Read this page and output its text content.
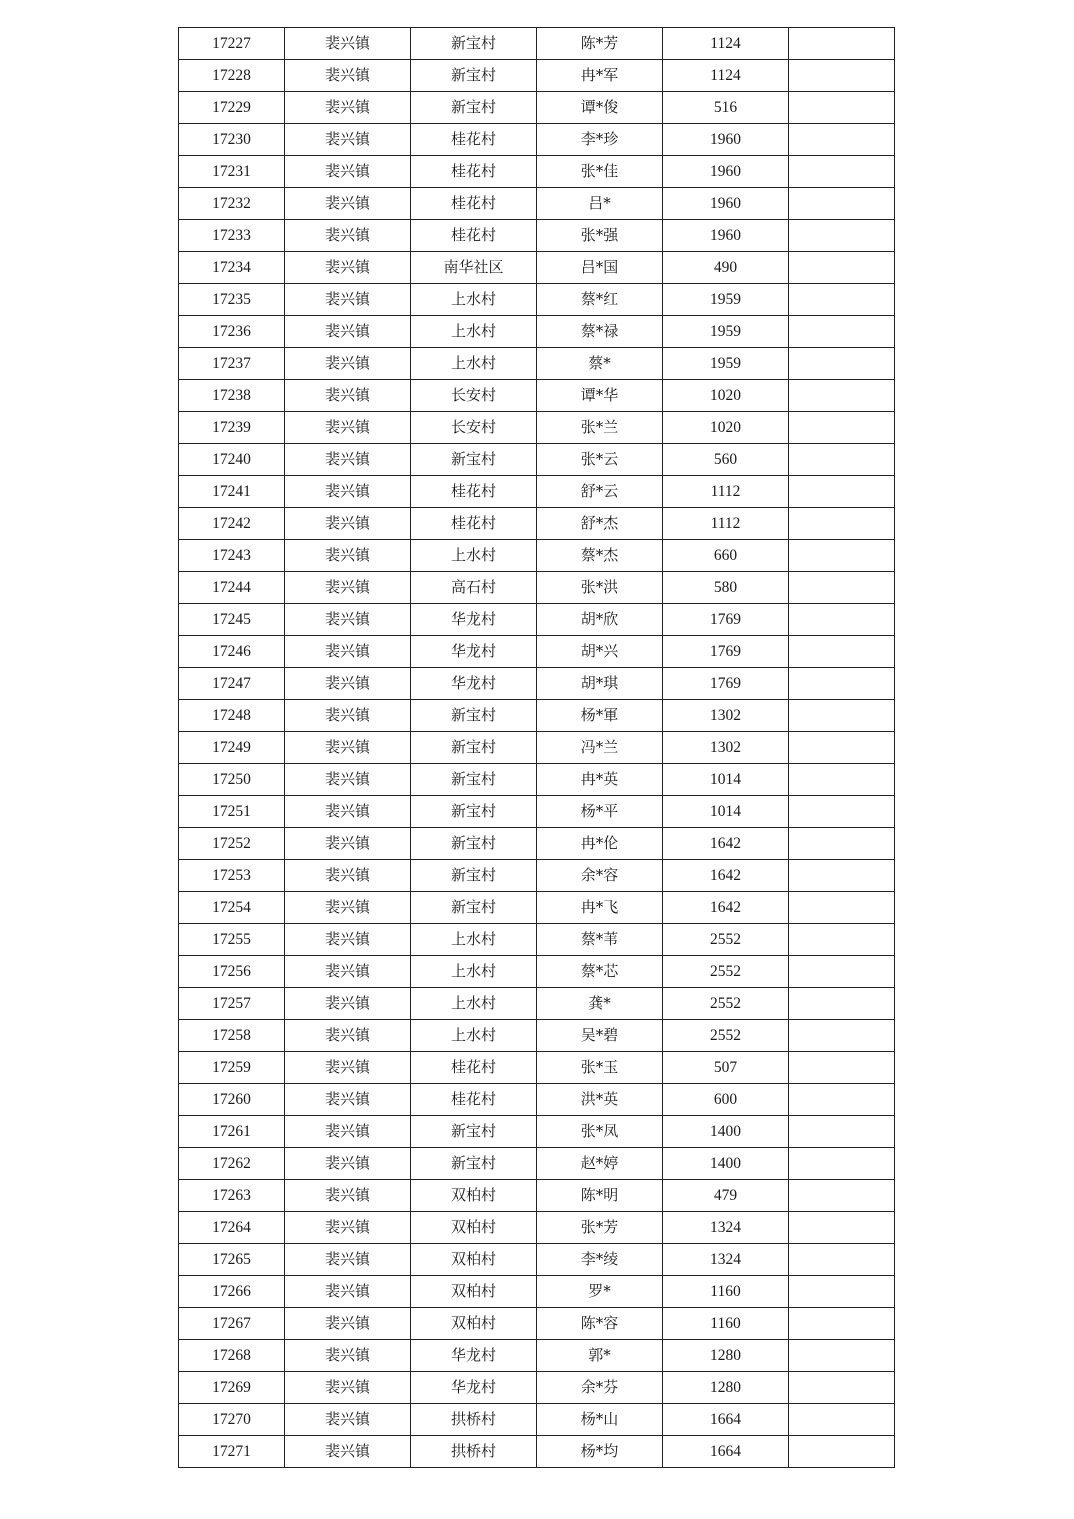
17227	裴兴镇	新宝村	陈*芳	1124	
17228	裴兴镇	新宝村	冉*军	1124	
17229	裴兴镇	新宝村	谭*俊	516	
17230	裴兴镇	桂花村	李*珍	1960	
17231	裴兴镇	桂花村	张*佳	1960	
17232	裴兴镇	桂花村	吕*	1960	
17233	裴兴镇	桂花村	张*强	1960	
17234	裴兴镇	南华社区	吕*国	490	
17235	裴兴镇	上水村	蔡*红	1959	
17236	裴兴镇	上水村	蔡*禄	1959	
17237	裴兴镇	上水村	蔡*	1959	
17238	裴兴镇	长安村	谭*华	1020	
17239	裴兴镇	长安村	张*兰	1020	
17240	裴兴镇	新宝村	张*云	560	
17241	裴兴镇	桂花村	舒*云	1112	
17242	裴兴镇	桂花村	舒*杰	1112	
17243	裴兴镇	上水村	蔡*杰	660	
17244	裴兴镇	高石村	张*洪	580	
17245	裴兴镇	华龙村	胡*欣	1769	
17246	裴兴镇	华龙村	胡*兴	1769	
17247	裴兴镇	华龙村	胡*琪	1769	
17248	裴兴镇	新宝村	杨*軍	1302	
17249	裴兴镇	新宝村	冯*兰	1302	
17250	裴兴镇	新宝村	冉*英	1014	
17251	裴兴镇	新宝村	杨*平	1014	
17252	裴兴镇	新宝村	冉*伦	1642	
17253	裴兴镇	新宝村	余*容	1642	
17254	裴兴镇	新宝村	冉*飞	1642	
17255	裴兴镇	上水村	蔡*苇	2552	
17256	裴兴镇	上水村	蔡*芯	2552	
17257	裴兴镇	上水村	龚*	2552	
17258	裴兴镇	上水村	吴*碧	2552	
17259	裴兴镇	桂花村	张*玉	507	
17260	裴兴镇	桂花村	洪*英	600	
17261	裴兴镇	新宝村	张*凤	1400	
17262	裴兴镇	新宝村	赵*婷	1400	
17263	裴兴镇	双柏村	陈*明	479	
17264	裴兴镇	双柏村	张*芳	1324	
17265	裴兴镇	双柏村	李*绫	1324	
17266	裴兴镇	双柏村	罗*	1160	
17267	裴兴镇	双柏村	陈*容	1160	
17268	裴兴镇	华龙村	郭*	1280	
17269	裴兴镇	华龙村	余*芬	1280	
17270	裴兴镇	拱桥村	杨*山	1664	
17271	裴兴镇	拱桥村	杨*均	1664	
